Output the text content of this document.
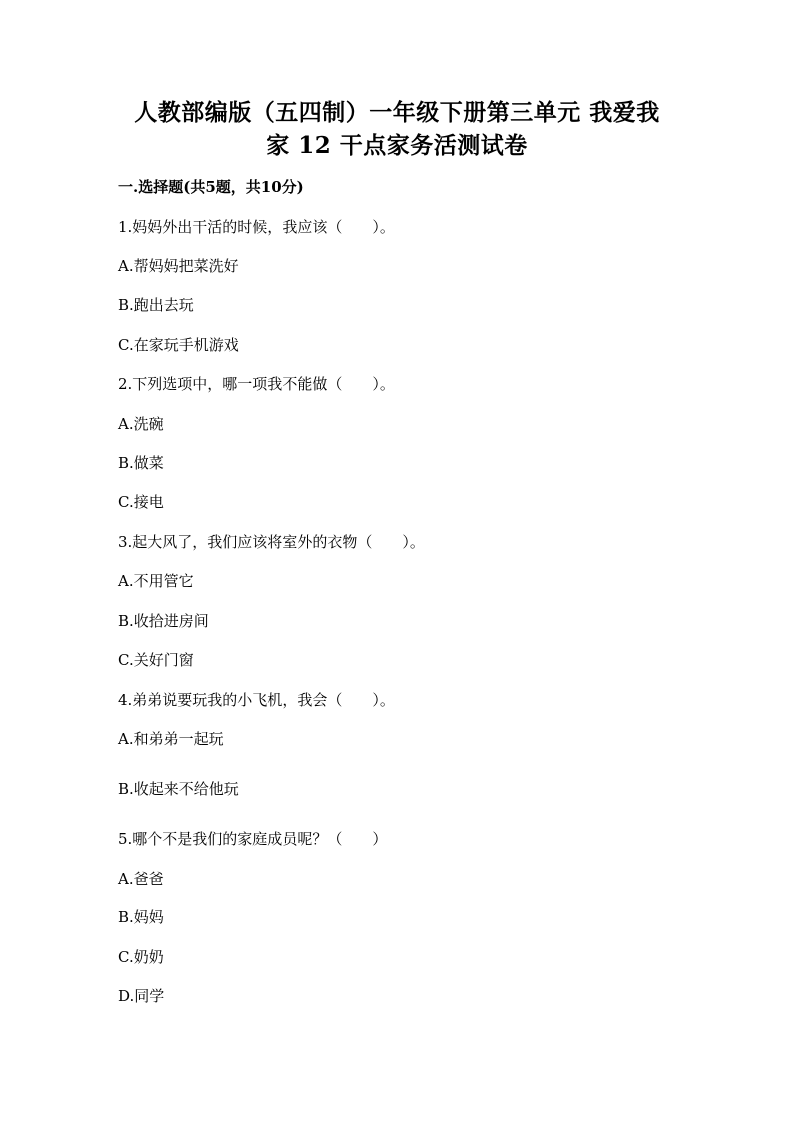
人教部编版（五四制）一年级下册第三单元 我爱我
家 12 干点家务活测试卷
一.选择题(共5题，共10分)
1.妈妈外出干活的时候，我应该（　　）。
A.帮妈妈把菜洗好
B.跑出去玩
C.在家玩手机游戏
2.下列选项中，哪一项我不能做（　　）。
A.洗碗
B.做菜
C.接电
3.起大风了，我们应该将室外的衣物（　　）。
A.不用管它
B.收拾进房间
C.关好门窗
4.弟弟说要玩我的小飞机，我会（　　）。
A.和弟弟一起玩
B.收起来不给他玩
5.哪个不是我们的家庭成员呢？（　　）
A.爸爸
B.妈妈
C.奶奶
D.同学
